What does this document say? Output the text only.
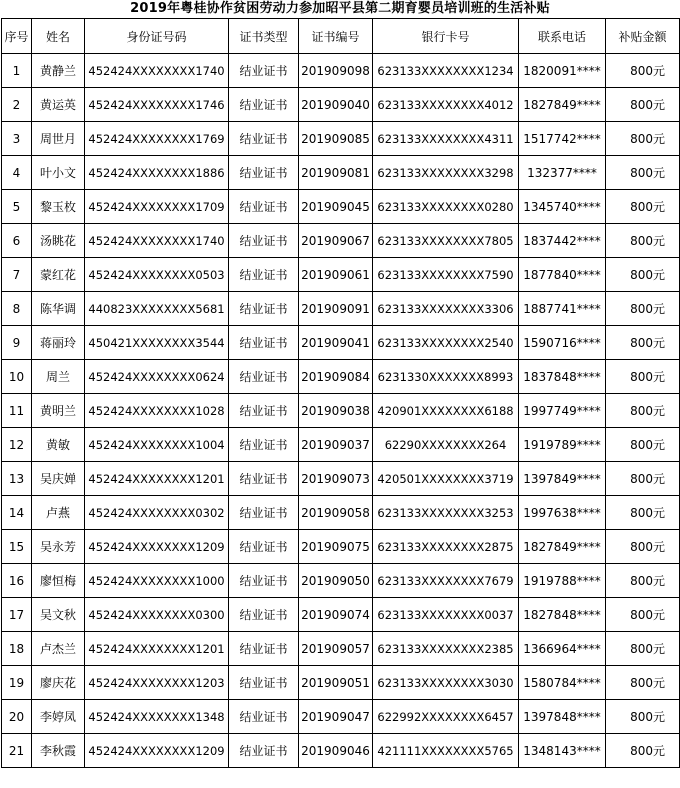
2019年粤桂协作贫困劳动力参加昭平县第二期育婴员培训班的生活补贴
序号	姓名	身份证号码	证书类型	证书编号	银行卡号	联系电话	补贴金额
1	黄静兰	452424XXXXXXXX1740	结业证书	201909098	623133XXXXXXXX1234	1820091****	800元
2	黄运英	452424XXXXXXXX1746	结业证书	201909040	623133XXXXXXXX4012	1827849****	800元
3	周世月	452424XXXXXXXX1769	结业证书	201909085	623133XXXXXXXX4311	1517742****	800元
4	叶小文	452424XXXXXXXX1886	结业证书	201909081	623133XXXXXXXX3298	132377****	800元
5	黎玉枚	452424XXXXXXXX1709	结业证书	201909045	623133XXXXXXXX0280	1345740****	800元
6	汤眺花	452424XXXXXXXX1740	结业证书	201909067	623133XXXXXXXX7805	1837442****	800元
7	蒙红花	452424XXXXXXXX0503	结业证书	201909061	623133XXXXXXXX7590	1877840****	800元
8	陈华调	440823XXXXXXXX5681	结业证书	201909091	623133XXXXXXXX3306	1887741****	800元
9	蒋丽玲	450421XXXXXXXX3544	结业证书	201909041	623133XXXXXXXX2540	1590716****	800元
10	周兰	452424XXXXXXXX0624	结业证书	201909084	6231330XXXXXXX8993	1837848****	800元
11	黄明兰	452424XXXXXXXX1028	结业证书	201909038	420901XXXXXXXX6188	1997749****	800元
12	黄敏	452424XXXXXXXX1004	结业证书	201909037	62290XXXXXXXX264	1919789****	800元
13	吴庆婵	452424XXXXXXXX1201	结业证书	201909073	420501XXXXXXXX3719	1397849****	800元
14	卢燕	452424XXXXXXXX0302	结业证书	201909058	623133XXXXXXXX3253	1997638****	800元
15	吴永芳	452424XXXXXXXX1209	结业证书	201909075	623133XXXXXXXX2875	1827849****	800元
16	廖恒梅	452424XXXXXXXX1000	结业证书	201909050	623133XXXXXXXX7679	1919788****	800元
17	吴文秋	452424XXXXXXXX0300	结业证书	201909074	623133XXXXXXXX0037	1827848****	800元
18	卢杰兰	452424XXXXXXXX1201	结业证书	201909057	623133XXXXXXXX2385	1366964****	800元
19	廖庆花	452424XXXXXXXX1203	结业证书	201909051	623133XXXXXXXX3030	1580784****	800元
20	李婷凤	452424XXXXXXXX1348	结业证书	201909047	622992XXXXXXXX6457	1397848****	800元
21	李秋霞	452424XXXXXXXX1209	结业证书	201909046	421111XXXXXXXX5765	1348143****	800元
